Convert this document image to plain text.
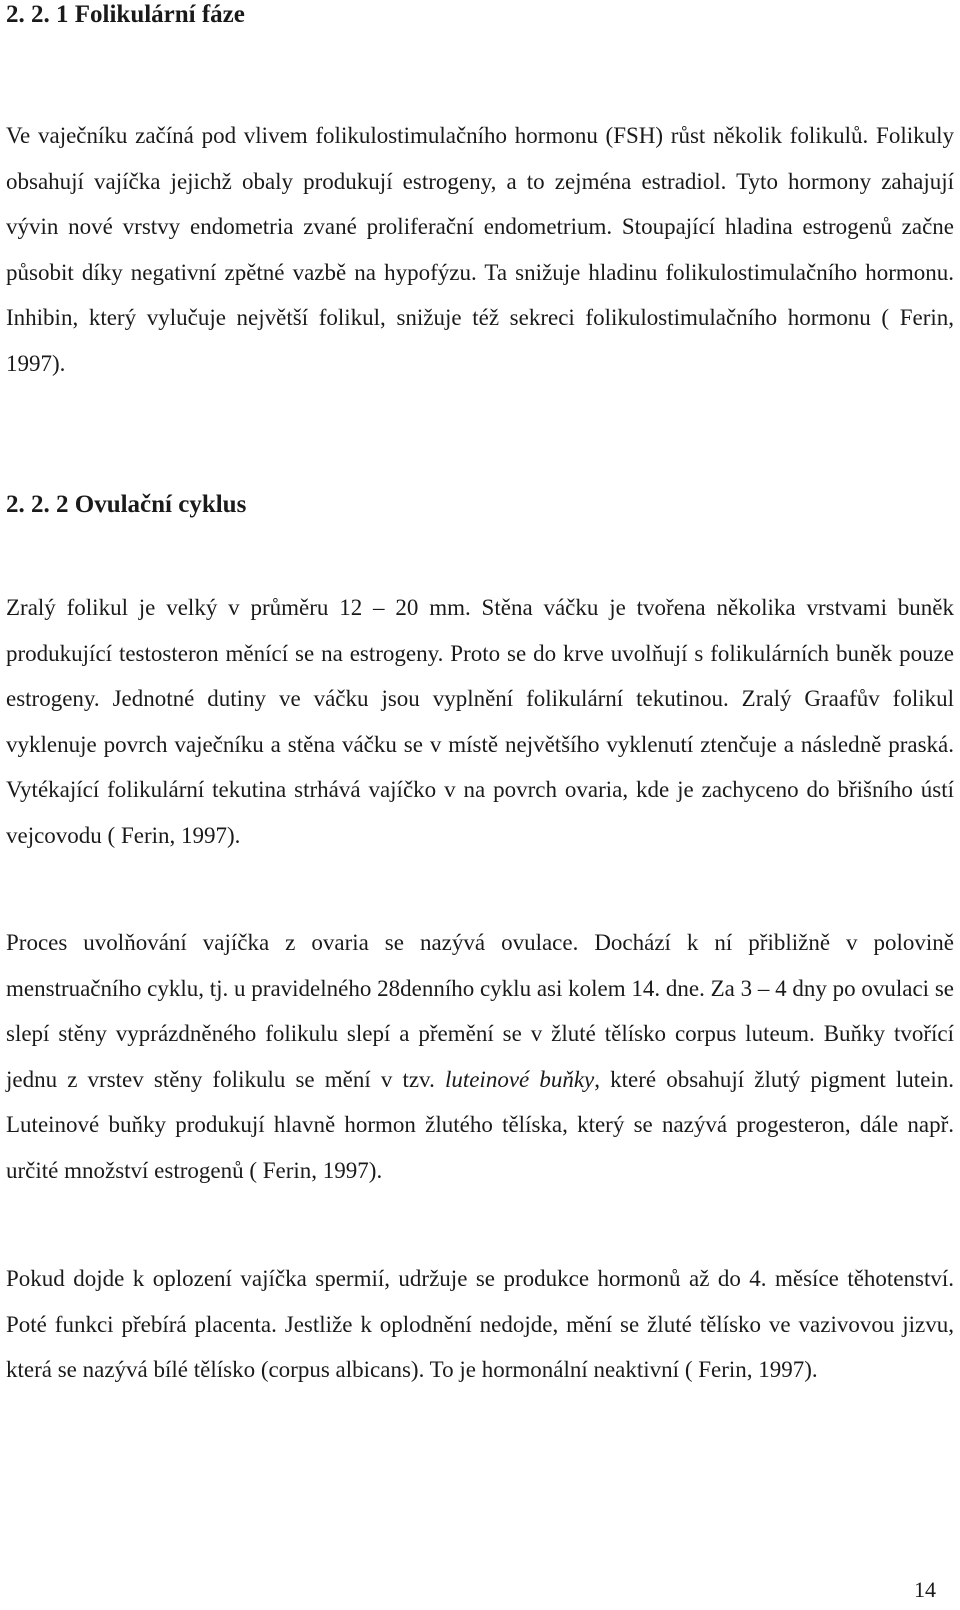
2. 2. 1 Folikulární fáze

Ve vaječníku začíná pod vlivem folikulostimulačního hormonu (FSH) růst několik folikulů. Folikuly obsahují vajíčka jejichž obaly produkují estrogeny, a to zejména estradiol. Tyto hormony zahajují vývin nové vrstvy endometria zvané proliferační endometrium. Stoupající hladina estrogenů začne působit díky negativní zpětné vazbě na hypofýzu. Ta snižuje hladinu folikulostimulačního hormonu. Inhibin, který vylučuje největší folikul, snižuje též sekreci folikulostimulačního hormonu ( Ferin, 1997).

2. 2. 2 Ovulační cyklus

Zralý folikul je velký v průměru 12 – 20 mm. Stěna váčku je tvořena několika vrstvami buněk produkující testosteron měnící se na estrogeny. Proto se do krve uvolňují s folikulárních buněk pouze estrogeny. Jednotné dutiny ve váčku jsou vyplnění folikulární tekutinou. Zralý Graafův folikul vyklenuje povrch vaječníku a stěna váčku se v místě největšího vyklenutí ztenčuje a následně praská. Vytékající folikulární tekutina strhává vajíčko v na povrch ovaria, kde je zachyceno do břišního ústí vejcovodu ( Ferin, 1997).

Proces uvolňování vajíčka z ovaria se nazývá ovulace. Dochází k ní přibližně v polovině menstruačního cyklu, tj. u pravidelného 28denního cyklu asi kolem 14. dne. Za 3 – 4 dny po ovulaci se slepí stěny vyprázdněného folikulu slepí a přemění se v žluté tělísko corpus luteum. Buňky tvořící jednu z vrstev stěny folikulu se mění v tzv. luteinové buňky, které obsahují žlutý pigment lutein. Luteinové buňky produkují hlavně hormon žlutého tělíska, který se nazývá progesteron, dále např. určité množství estrogenů ( Ferin, 1997).

Pokud dojde k oplození vajíčka spermií, udržuje se produkce hormonů až do 4. měsíce těhotenství. Poté funkci přebírá placenta. Jestliže k oplodnění nedojde, mění se žluté tělísko ve vazivovou jizvu, která se nazývá bílé tělísko (corpus albicans). To je hormonální neaktivní ( Ferin, 1997).

14
